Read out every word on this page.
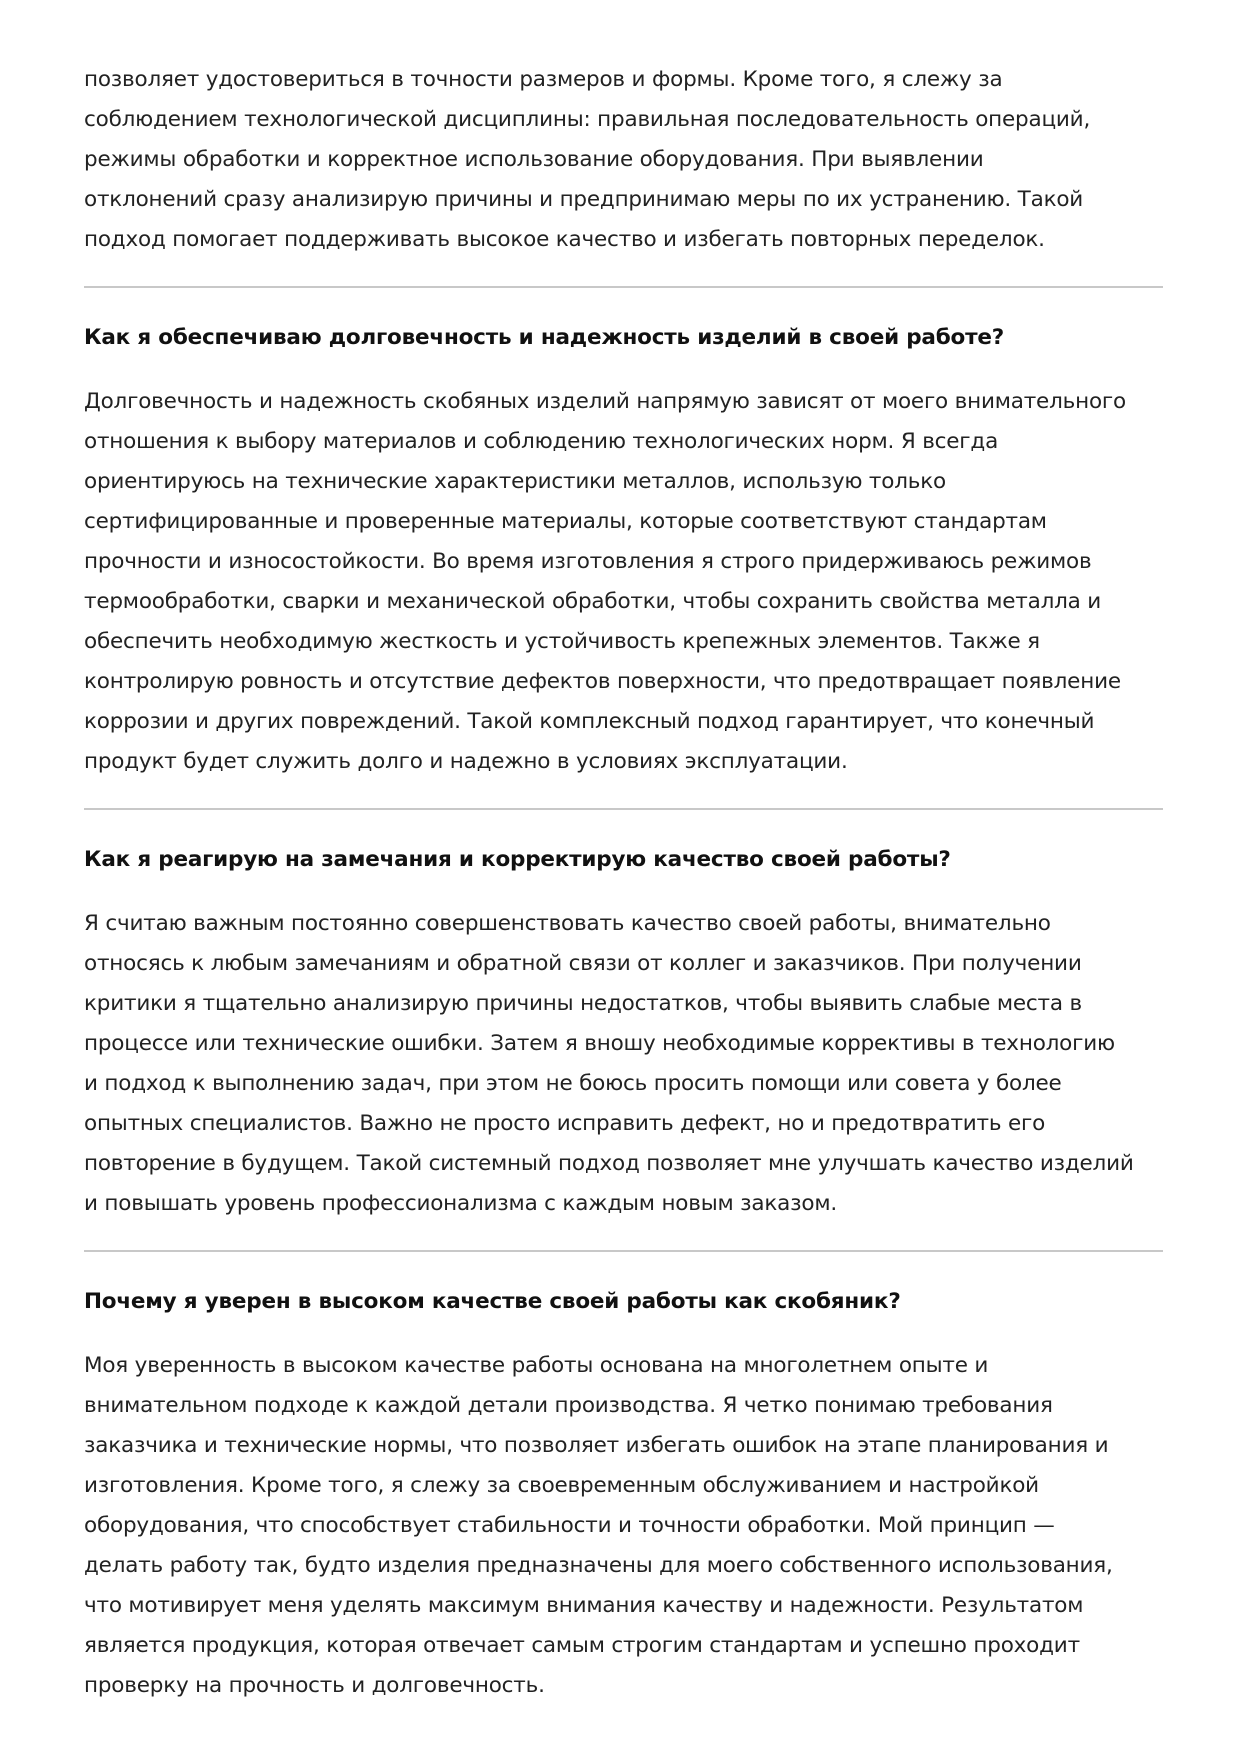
позволяет удостовериться в точности размеров и формы. Кроме того, я слежу за
соблюдением технологической дисциплины: правильная последовательность операций,
режимы обработки и корректное использование оборудования. При выявлении
отклонений сразу анализирую причины и предпринимаю меры по их устранению. Такой
подход помогает поддерживать высокое качество и избегать повторных переделок.

Как я обеспечиваю долговечность и надежность изделий в своей работе?

Долговечность и надежность скобяных изделий напрямую зависят от моего внимательного
отношения к выбору материалов и соблюдению технологических норм. Я всегда
ориентируюсь на технические характеристики металлов, использую только
сертифицированные и проверенные материалы, которые соответствуют стандартам
прочности и износостойкости. Во время изготовления я строго придерживаюсь режимов
термообработки, сварки и механической обработки, чтобы сохранить свойства металла и
обеспечить необходимую жесткость и устойчивость крепежных элементов. Также я
контролирую ровность и отсутствие дефектов поверхности, что предотвращает появление
коррозии и других повреждений. Такой комплексный подход гарантирует, что конечный
продукт будет служить долго и надежно в условиях эксплуатации.

Как я реагирую на замечания и корректирую качество своей работы?

Я считаю важным постоянно совершенствовать качество своей работы, внимательно
относясь к любым замечаниям и обратной связи от коллег и заказчиков. При получении
критики я тщательно анализирую причины недостатков, чтобы выявить слабые места в
процессе или технические ошибки. Затем я вношу необходимые коррективы в технологию
и подход к выполнению задач, при этом не боюсь просить помощи или совета у более
опытных специалистов. Важно не просто исправить дефект, но и предотвратить его
повторение в будущем. Такой системный подход позволяет мне улучшать качество изделий
и повышать уровень профессионализма с каждым новым заказом.

Почему я уверен в высоком качестве своей работы как скобяник?

Моя уверенность в высоком качестве работы основана на многолетнем опыте и
внимательном подходе к каждой детали производства. Я четко понимаю требования
заказчика и технические нормы, что позволяет избегать ошибок на этапе планирования и
изготовления. Кроме того, я слежу за своевременным обслуживанием и настройкой
оборудования, что способствует стабильности и точности обработки. Мой принцип —
делать работу так, будто изделия предназначены для моего собственного использования,
что мотивирует меня уделять максимум внимания качеству и надежности. Результатом
является продукция, которая отвечает самым строгим стандартам и успешно проходит
проверку на прочность и долговечность.
